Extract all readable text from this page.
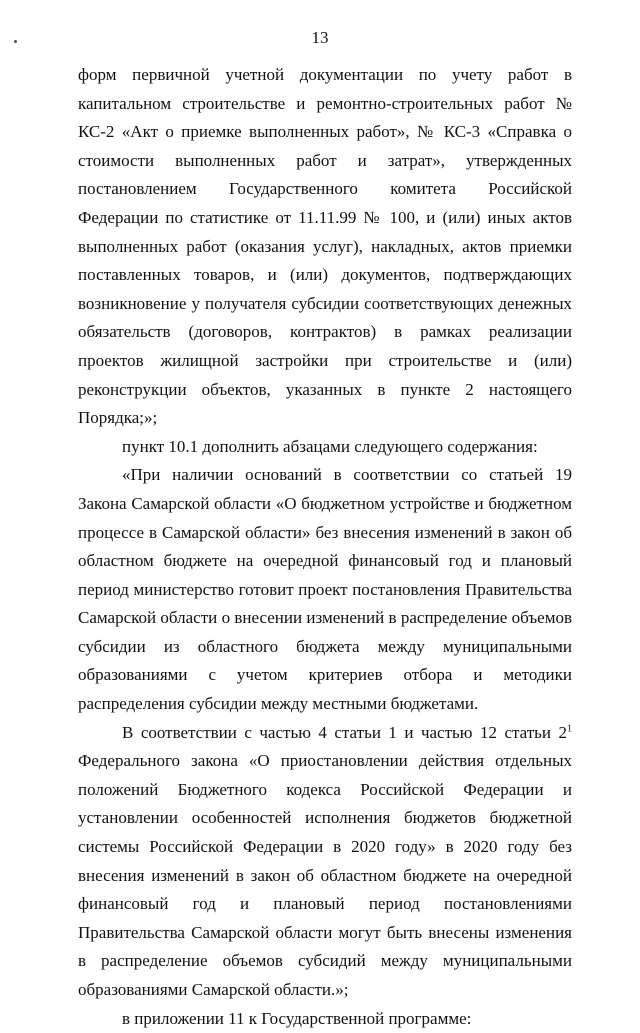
13

форм первичной учетной документации по учету работ в капитальном строительстве и ремонтно-строительных работ № КС-2 «Акт о приемке выполненных работ», № КС-3 «Справка о стоимости выполненных работ и затрат», утвержденных постановлением Государственного комитета Российской Федерации по статистике от 11.11.99 № 100, и (или) иных актов выполненных работ (оказания услуг), накладных, актов приемки поставленных товаров, и (или) документов, подтверждающих возникновение у получателя субсидии соответствующих денежных обязательств (договоров, контрактов) в рамках реализации проектов жилищной застройки при строительстве и (или) реконструкции объектов, указанных в пункте 2 настоящего Порядка;»;

пункт 10.1 дополнить абзацами следующего содержания:

«При наличии оснований в соответствии со статьей 19 Закона Самарской области «О бюджетном устройстве и бюджетном процессе в Самарской области» без внесения изменений в закон об областном бюджете на очередной финансовый год и плановый период министерство готовит проект постановления Правительства Самарской области о внесении изменений в распределение объемов субсидии из областного бюджета между муниципальными образованиями с учетом критериев отбора и методики распределения субсидии между местными бюджетами.

В соответствии с частью 4 статьи 1 и частью 12 статьи $2^1$ Федерального закона «О приостановлении действия отдельных положений Бюджетного кодекса Российской Федерации и установлении особенностей исполнения бюджетов бюджетной системы Российской Федерации в 2020 году» в 2020 году без внесения изменений в закон об областном бюджете на очередной финансовый год и плановый период постановлениями Правительства Самарской области могут быть внесены изменения в распределение объемов субсидий между муниципальными образованиями Самарской области.»;

в приложении 11 к Государственной программе:
